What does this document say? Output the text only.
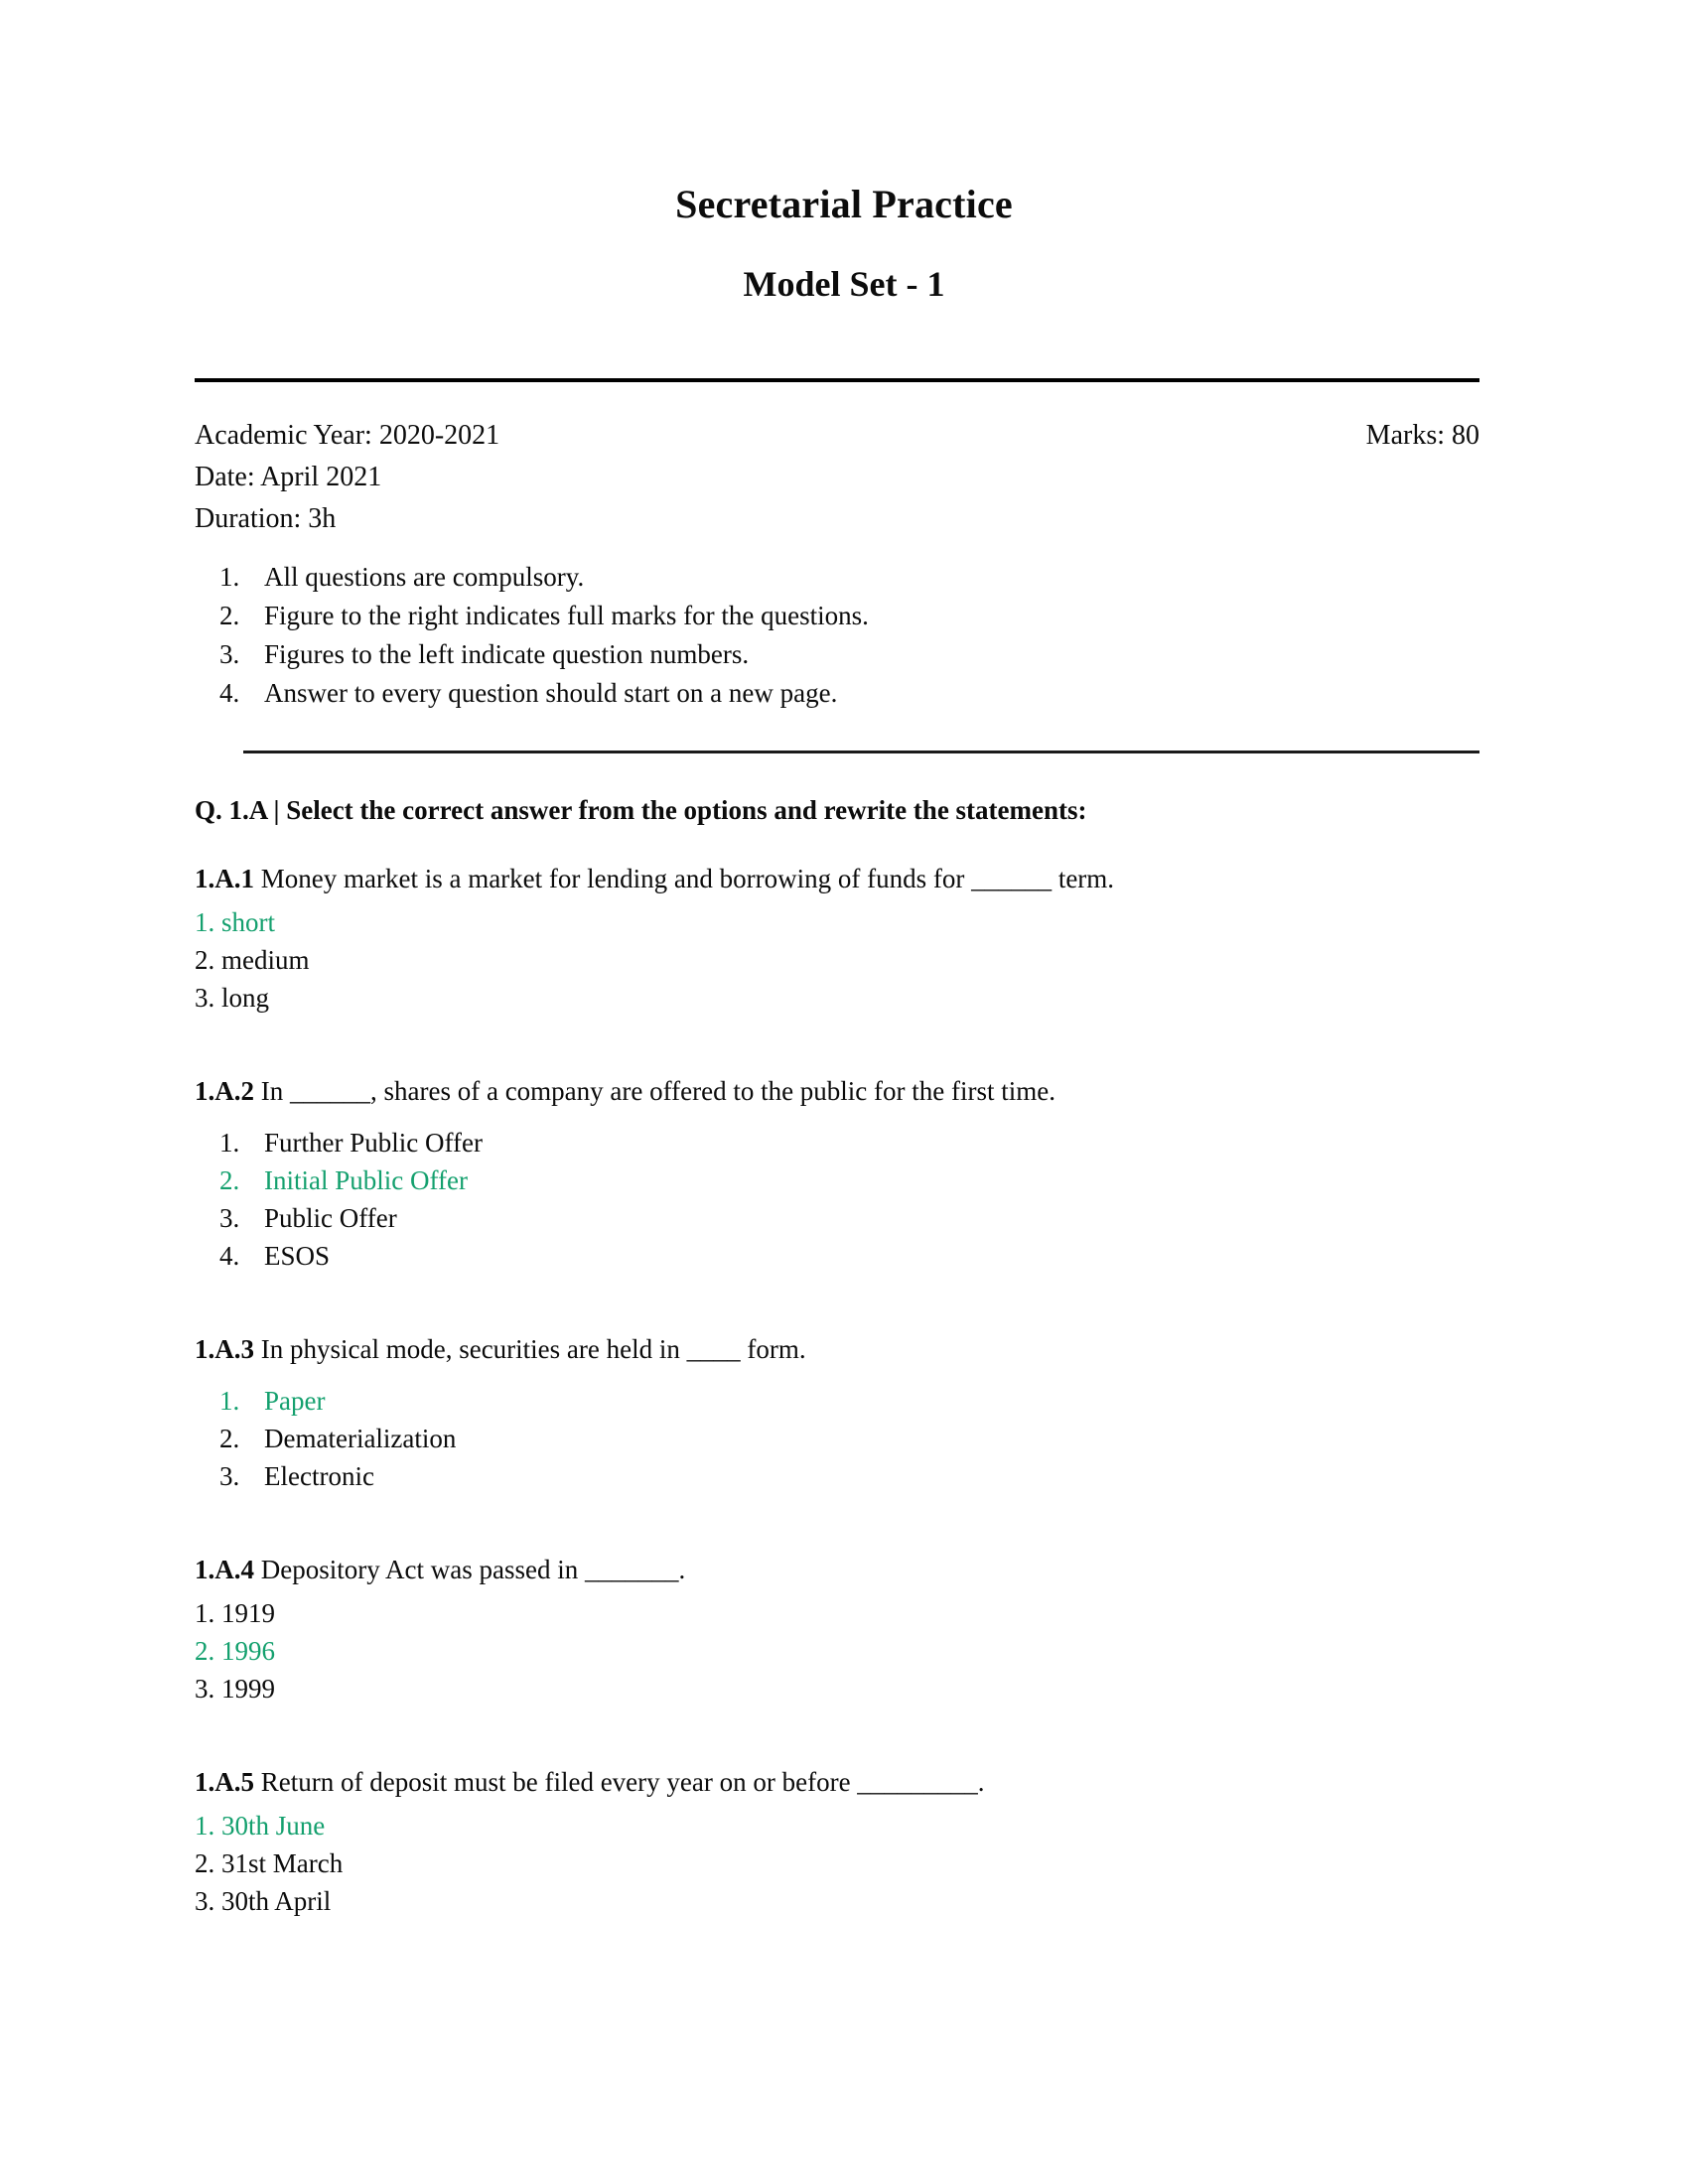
Secretarial Practice
Model Set - 1
Academic Year: 2020-2021	Marks: 80
Date: April 2021
Duration: 3h
1. All questions are compulsory.
2. Figure to the right indicates full marks for the questions.
3. Figures to the left indicate question numbers.
4. Answer to every question should start on a new page.

Q. 1.A | Select the correct answer from the options and rewrite the statements:

1.A.1 Money market is a market for lending and borrowing of funds for ______ term.

1. short
2. medium
3. long

1.A.2 In ______, shares of a company are offered to the public for the first time.

1. Further Public Offer
2. Initial Public Offer
3. Public Offer
4. ESOS

1.A.3 In physical mode, securities are held in ____ form.

1. Paper
2. Dematerialization
3. Electronic

1.A.4 Depository Act was passed in _______.

1. 1919
2. 1996
3. 1999

1.A.5 Return of deposit must be filed every year on or before _________.

1. 30th June
2. 31st March
3. 30th April
